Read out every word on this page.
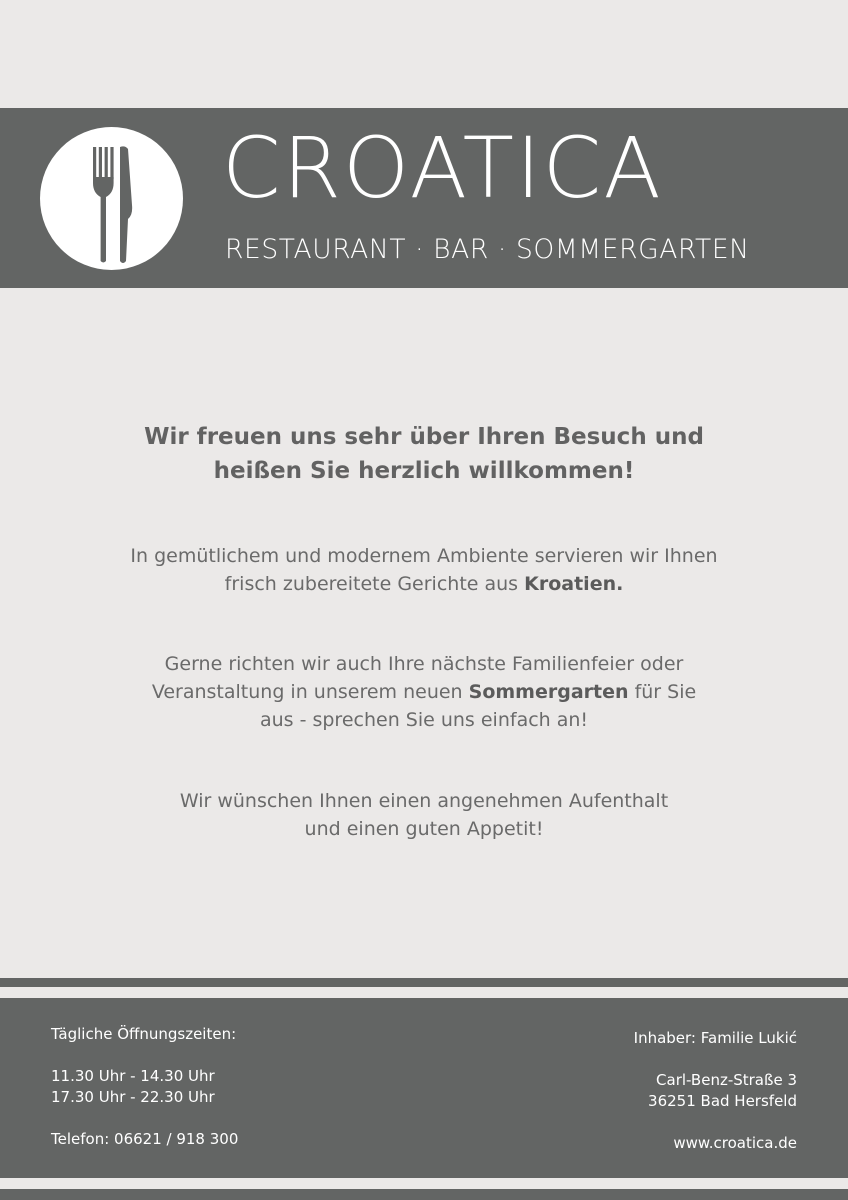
CROATICA
RESTAURANT · BAR · SOMMERGARTEN
Wir freuen uns sehr über Ihren Besuch und
heißen Sie herzlich willkommen!

In gemütlichem und modernem Ambiente servieren wir Ihnen
frisch zubereitete Gerichte aus Kroatien.

Gerne richten wir auch Ihre nächste Familienfeier oder
Veranstaltung in unserem neuen Sommergarten für Sie
aus - sprechen Sie uns einfach an!

Wir wünschen Ihnen einen angenehmen Aufenthalt
und einen guten Appetit!

Tägliche Öffnungszeiten:

11.30 Uhr - 14.30 Uhr

17.30 Uhr - 22.30 Uhr

Telefon: 06621 / 918 300

Inhaber: Familie Lukić

Carl-Benz-Straße 3

36251 Bad Hersfeld

www.croatica.de
